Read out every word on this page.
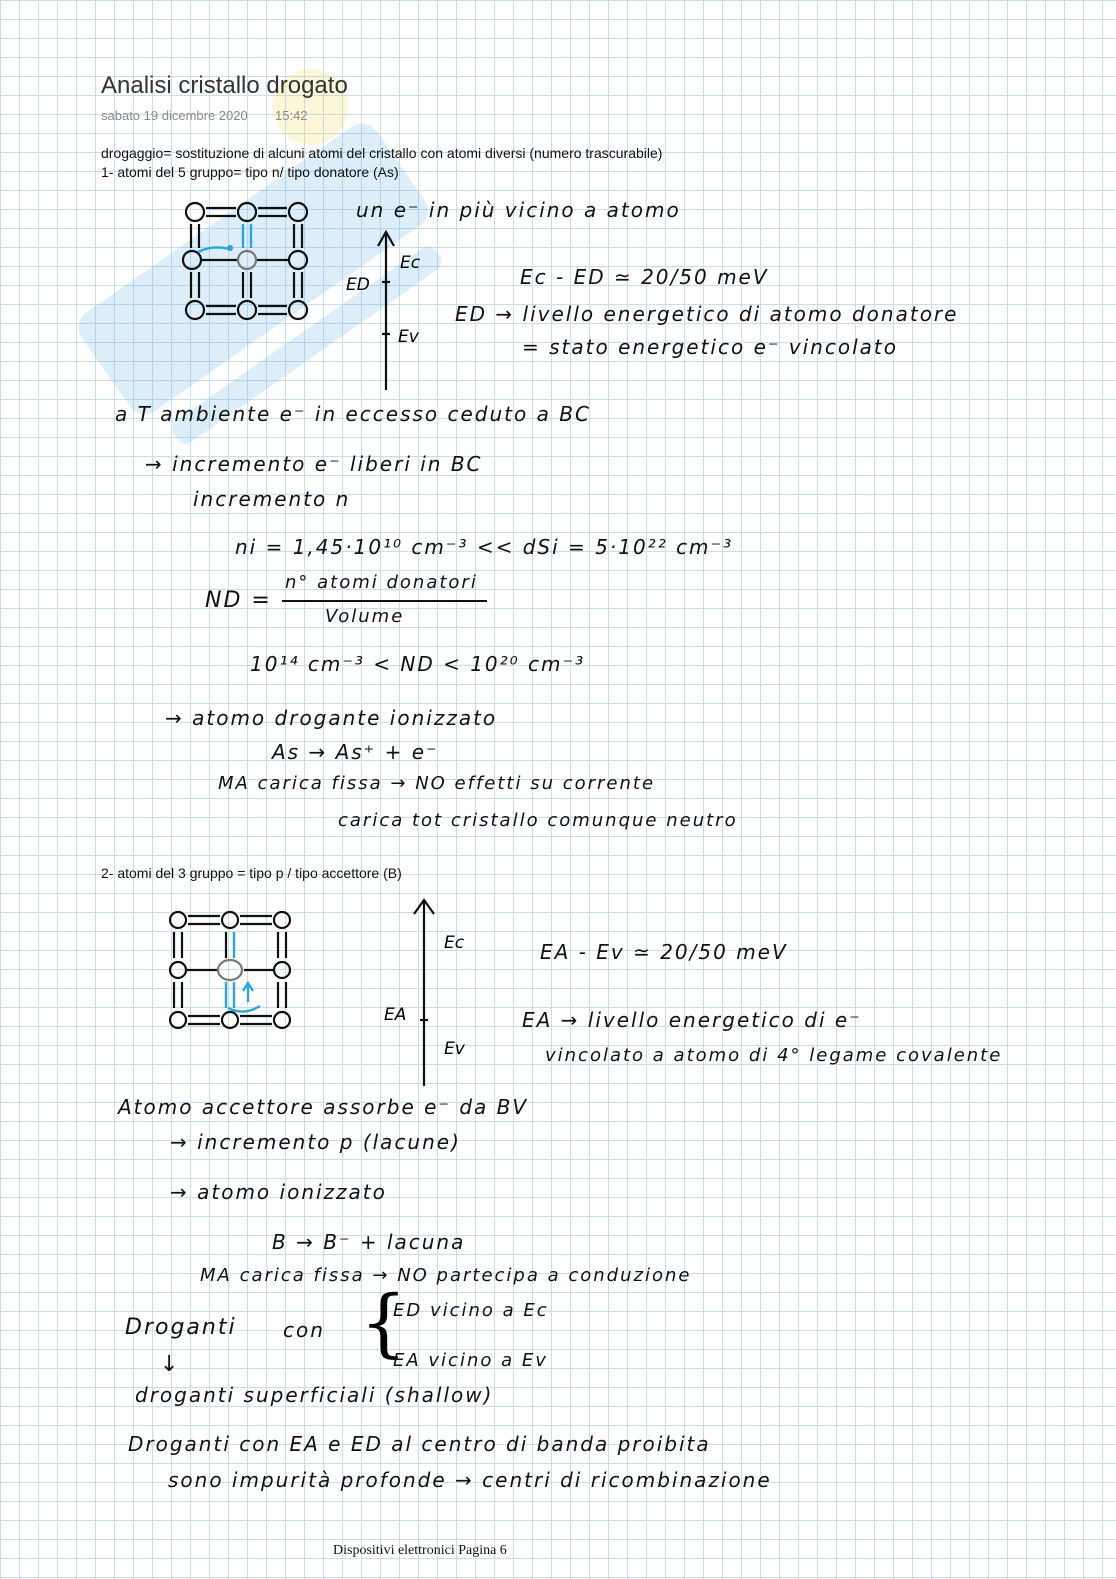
Analisi cristallo drogato
sabato 19 dicembre 2020 15:42

drogaggio= sostituzione di alcuni atomi del cristallo con atomi diversi (numero trascurabile)

1- atomi del 5 gruppo= tipo n/ tipo donatore (As)

Ec
ED
Ev
un e⁻ in più vicino a atomo
Ec - ED ≃ 20/50 meV
ED → livello energetico di atomo donatore
= stato energetico e⁻ vincolato
a T ambiente e⁻ in eccesso ceduto a BC
→ incremento e⁻ liberi in BC
incremento n
ni = 1,45·10¹⁰ cm⁻³ << dSi = 5·10²² cm⁻³
ND =
n° atomi donatori
Volume
10¹⁴ cm⁻³ < ND < 10²⁰ cm⁻³
→ atomo drogante ionizzato
As → As⁺ + e⁻
MA carica fissa → NO effetti su corrente
carica tot cristallo comunque neutro

2- atomi del 3 gruppo = tipo p / tipo accettore (B)

Ec
EA
Ev
EA - Ev ≃ 20/50 meV
EA → livello energetico di e⁻
vincolato a atomo di 4° legame covalente
Atomo accettore assorbe e⁻ da BV
→ incremento p (lacune)
→ atomo ionizzato
B → B⁻ + lacuna
MA carica fissa → NO partecipa a conduzione
Droganti con {
ED vicino a Ec
EA vicino a Ev
↓
droganti superficiali (shallow)
Droganti con EA e ED al centro di banda proibita
sono impurità profonde → centri di ricombinazione
Dispositivi elettronici Pagina 6
